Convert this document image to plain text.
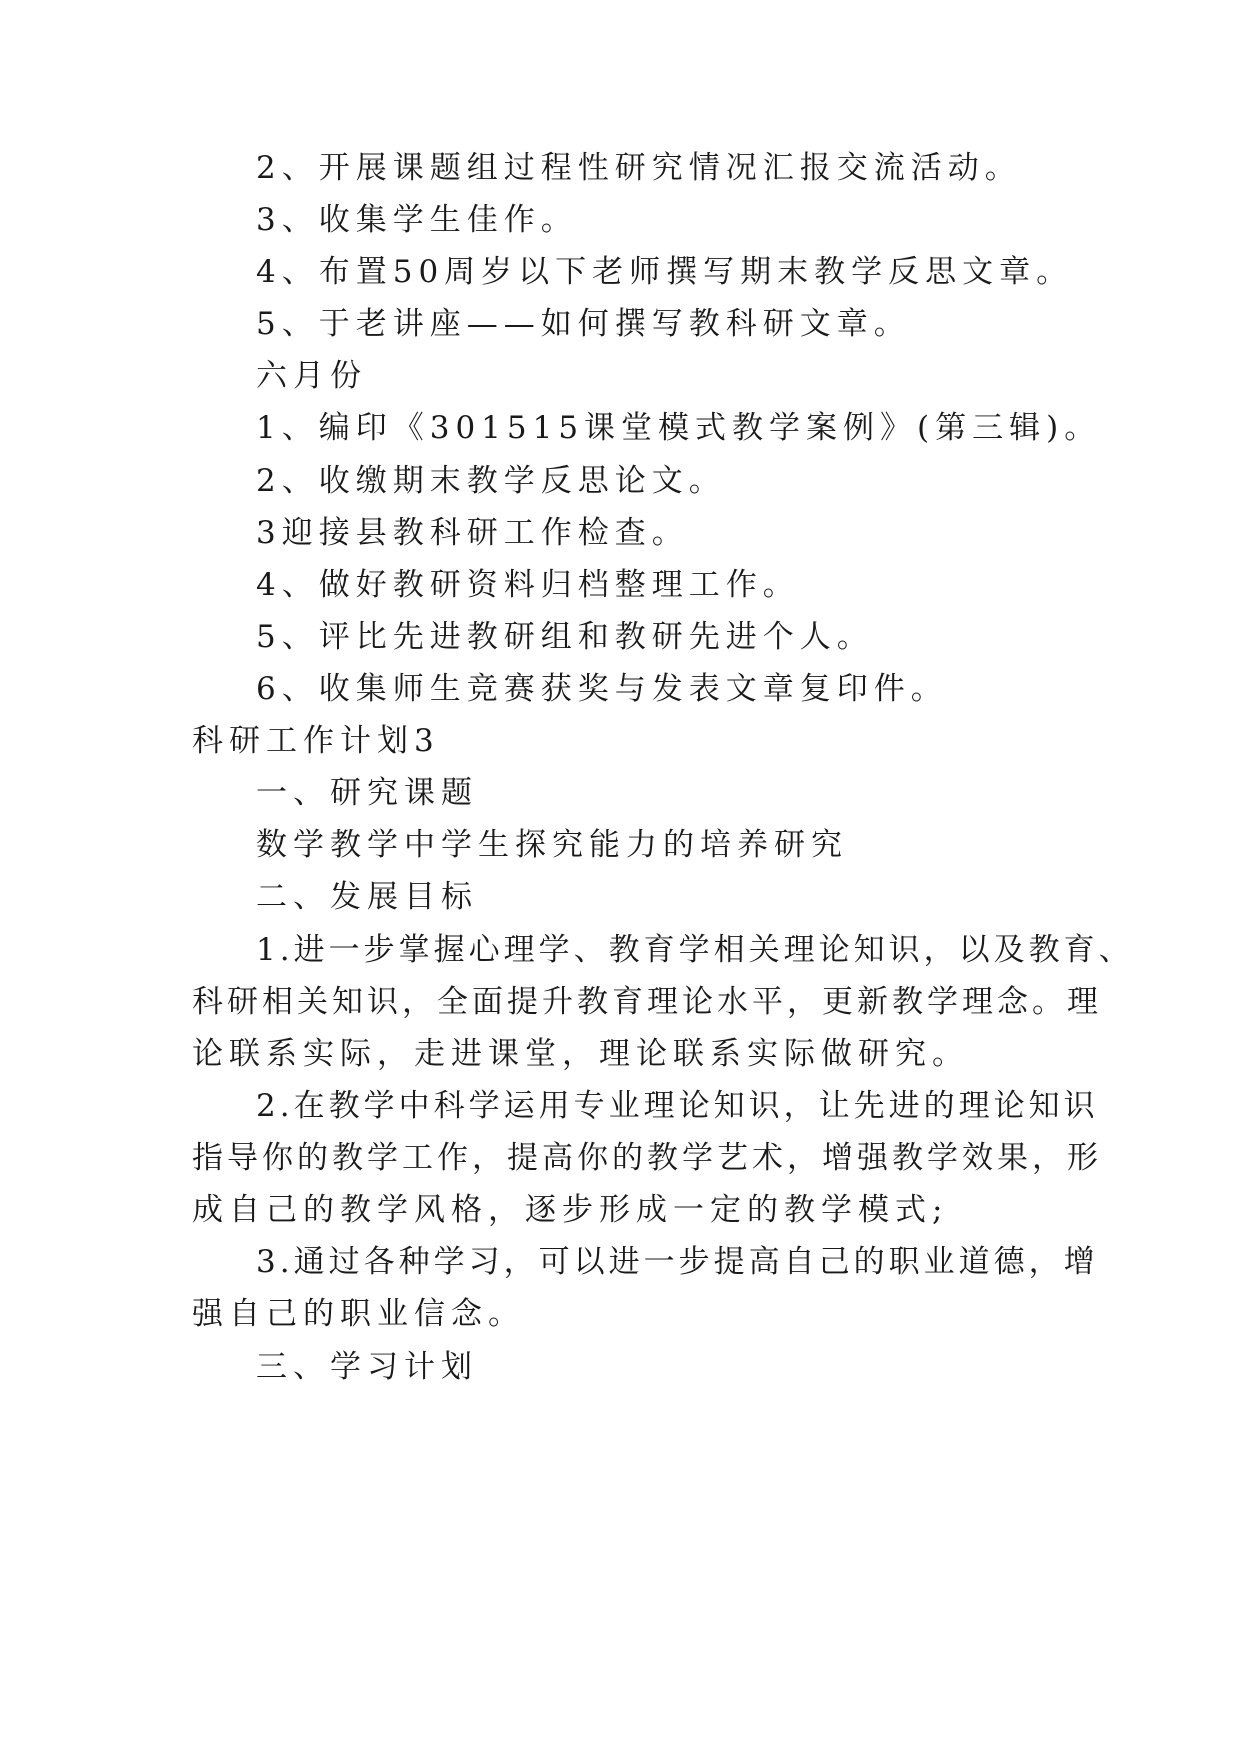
2、开展课题组过程性研究情况汇报交流活动。

3、收集学生佳作。

4、布置50周岁以下老师撰写期末教学反思文章。

5、于老讲座——如何撰写教科研文章。

六月份

1、编印《301515课堂模式教学案例》(第三辑)。

2、收缴期末教学反思论文。

3迎接县教科研工作检查。

4、做好教研资料归档整理工作。

5、评比先进教研组和教研先进个人。

6、收集师生竞赛获奖与发表文章复印件。

科研工作计划3

一、研究课题

数学教学中学生探究能力的培养研究

二、发展目标

1.进一步掌握心理学、教育学相关理论知识，以及教育、

科研相关知识，全面提升教育理论水平，更新教学理念。理

论联系实际，走进课堂，理论联系实际做研究。

2.在教学中科学运用专业理论知识，让先进的理论知识

指导你的教学工作，提高你的教学艺术，增强教学效果，形

成自己的教学风格，逐步形成一定的教学模式;

3.通过各种学习，可以进一步提高自己的职业道德，增

强自己的职业信念。

三、学习计划
